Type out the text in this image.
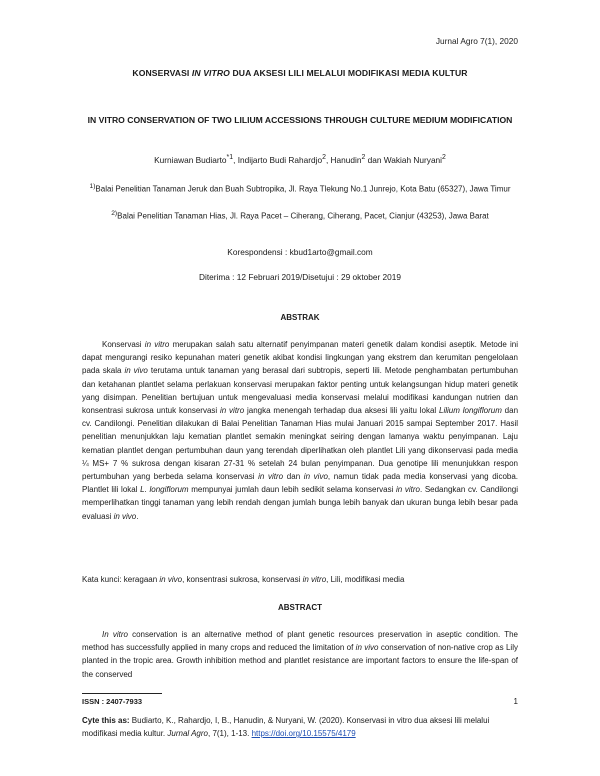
Jurnal Agro 7(1), 2020
KONSERVASI IN VITRO DUA AKSESI LILI MELALUI MODIFIKASI MEDIA KULTUR
IN VITRO CONSERVATION OF TWO LILIUM ACCESSIONS THROUGH CULTURE MEDIUM MODIFICATION
Kurniawan Budiarto$^{*1}$, Indijarto Budi Rahardjo$^2$, Hanudin$^2$ dan Wakiah Nuryani$^2$
$^{1)}$Balai Penelitian Tanaman Jeruk dan Buah Subtropika, Jl. Raya Tlekung No.1 Junrejo, Kota Batu (65327), Jawa Timur
$^{2)}$Balai Penelitian Tanaman Hias, Jl. Raya Pacet – Ciherang, Ciherang, Pacet, Cianjur (43253), Jawa Barat
Korespondensi : kbud1arto@gmail.com
Diterima : 12 Februari 2019/Disetujui : 29 oktober 2019
ABSTRAK
Konservasi in vitro merupakan salah satu alternatif penyimpanan materi genetik dalam kondisi aseptik. Metode ini dapat mengurangi resiko kepunahan materi genetik akibat kondisi lingkungan yang ekstrem dan kerumitan pengelolaan pada skala in vivo terutama untuk tanaman yang berasal dari subtropis, seperti lili. Metode penghambatan pertumbuhan dan ketahanan plantlet selama perlakuan konservasi merupakan faktor penting untuk kelangsungan hidup materi genetik yang disimpan. Penelitian bertujuan untuk mengevaluasi media konservasi melalui modifikasi kandungan nutrien dan konsentrasi sukrosa untuk konservasi in vitro jangka menengah terhadap dua aksesi lili yaitu lokal Lilium longiflorum dan cv. Candilongi. Penelitian dilakukan di Balai Penelitian Tanaman Hias mulai Januari 2015 sampai September 2017. Hasil penelitian menunjukkan laju kematian plantlet semakin meningkat seiring dengan lamanya waktu penyimpanan. Laju kematian plantlet dengan pertumbuhan daun yang terendah diperlihatkan oleh plantlet Lili yang dikonservasi pada media ¼ MS+ 7 % sukrosa dengan kisaran 27-31 % setelah 24 bulan penyimpanan. Dua genotipe lili menunjukkan respon pertumbuhan yang berbeda selama konservasi in vitro dan in vivo, namun tidak pada media konservasi yang dicoba. Plantlet lili lokal L. longiflorum mempunyai jumlah daun lebih sedikit selama konservasi in vitro. Sedangkan cv. Candilongi memperlihatkan tinggi tanaman yang lebih rendah dengan jumlah bunga lebih banyak dan ukuran bunga lebih besar pada evaluasi in vivo.
Kata kunci: keragaan in vivo, konsentrasi sukrosa, konservasi in vitro, Lili, modifikasi media
ABSTRACT
In vitro conservation is an alternative method of plant genetic resources preservation in aseptic condition. The method has successfully applied in many crops and reduced the limitation of in vivo conservation of non-native crop as Lily planted in the tropic area. Growth inhibition method and plantlet resistance are important factors to ensure the life-span of the conserved
ISSN : 2407-7933	1
Cyte this as: Budiarto, K., Rahardjo, I, B., Hanudin, & Nuryani, W. (2020). Konservasi in vitro dua aksesi lili melalui modifikasi media kultur. Jurnal Agro, 7(1), 1-13. https://doi.org/10.15575/4179
